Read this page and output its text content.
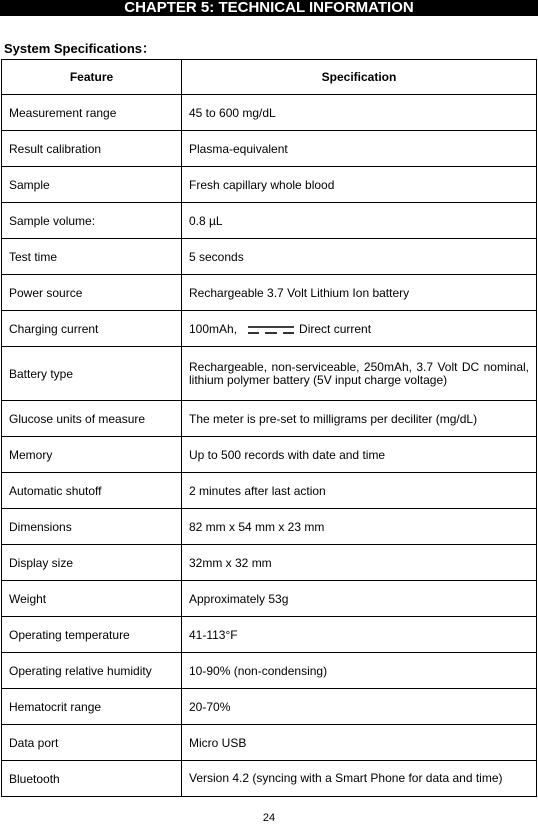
CHAPTER 5: TECHNICAL INFORMATION
System Specifications：
Feature	Specification
Measurement range	45 to 600 mg/dL
Result calibration	Plasma-equivalent
Sample	Fresh capillary whole blood
Sample volume:	0.8 µL
Test time	5 seconds
Power source	Rechargeable 3.7 Volt Lithium Ion battery
Charging current	100mAh, Direct current
Battery type	Rechargeable, non-serviceable, 250mAh, 3.7 Volt DC nominal, lithium polymer battery (5V input charge voltage)
Glucose units of measure	The meter is pre-set to milligrams per deciliter (mg/dL)
Memory	Up to 500 records with date and time
Automatic shutoff	2 minutes after last action
Dimensions	82 mm x 54 mm x 23 mm
Display size	32mm x 32 mm
Weight	Approximately 53g
Operating temperature	41-113°F
Operating relative humidity	10-90% (non-condensing)
Hematocrit range	20-70%
Data port	Micro USB
Bluetooth	Version 4.2 (syncing with a Smart Phone for data and time)
24
